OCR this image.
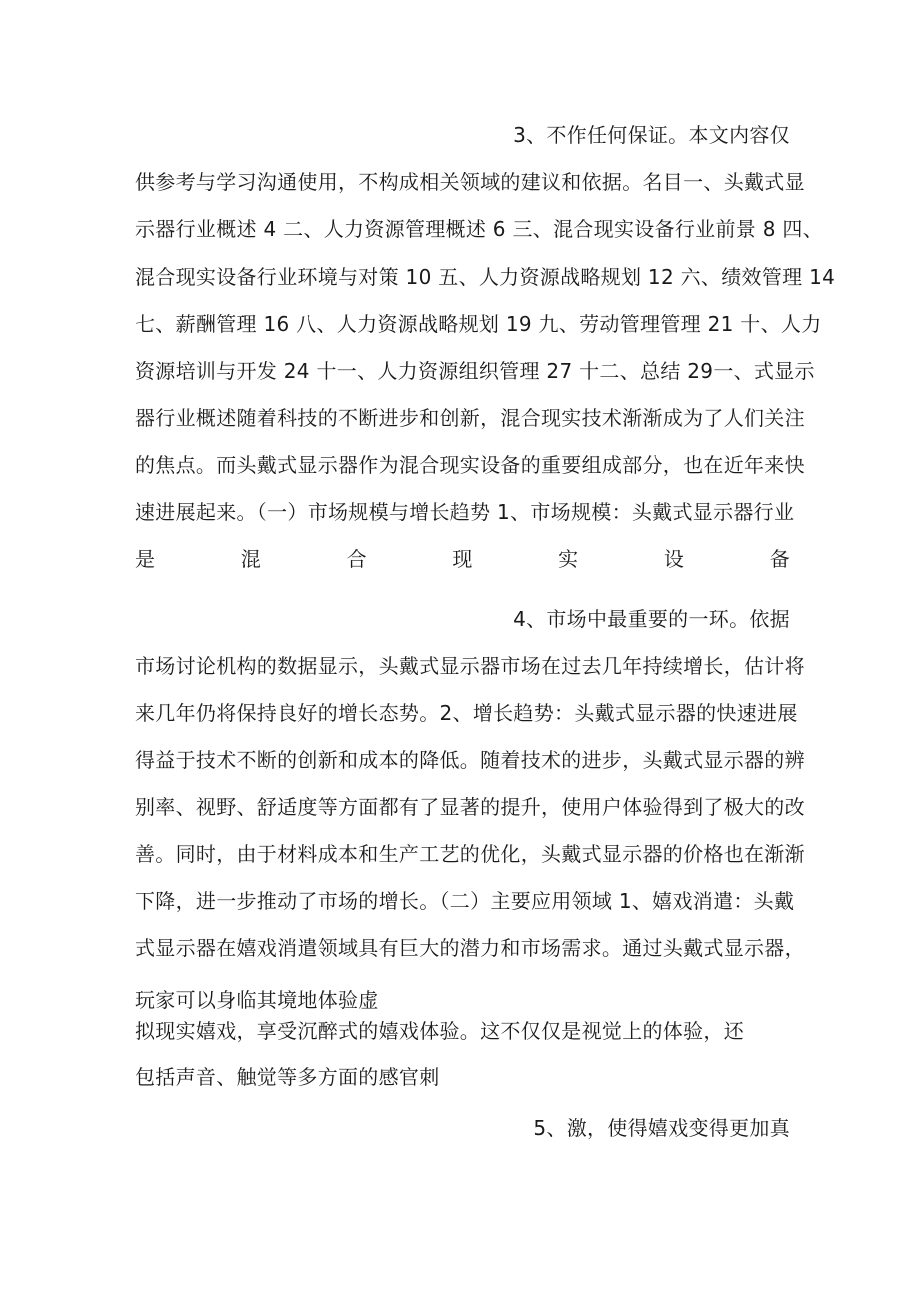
3、不作任何保证。本文内容仅
供参考与学习沟通使用，不构成相关领域的建议和依据。名目一、头戴式显
示器行业概述 4 二、人力资源管理概述 6 三、混合现实设备行业前景 8 四、
混合现实设备行业环境与对策 10 五、人力资源战略规划 12 六、绩效管理 14
七、薪酬管理 16 八、人力资源战略规划 19 九、劳动管理管理 21 十、人力
资源培训与开发 24 十一、人力资源组织管理 27 十二、总结 29一、式显示
器行业概述随着科技的不断进步和创新，混合现实技术渐渐成为了人们关注
的焦点。而头戴式显示器作为混合现实设备的重要组成部分，也在近年来快
速进展起来。（一）市场规模与增长趋势 1、市场规模：头戴式显示器行业
是混合现实设备
4、市场中最重要的一环。依据
市场讨论机构的数据显示，头戴式显示器市场在过去几年持续增长，估计将
来几年仍将保持良好的增长态势。2、增长趋势：头戴式显示器的快速进展
得益于技术不断的创新和成本的降低。随着技术的进步，头戴式显示器的辨
别率、视野、舒适度等方面都有了显著的提升，使用户体验得到了极大的改
善。同时，由于材料成本和生产工艺的优化，头戴式显示器的价格也在渐渐
下降，进一步推动了市场的增长。（二）主要应用领域 1、嬉戏消遣：头戴
式显示器在嬉戏消遣领域具有巨大的潜力和市场需求。通过头戴式显示器，
玩家可以身临其境地体验虚
拟现实嬉戏，享受沉醉式的嬉戏体验。这不仅仅是视觉上的体验，还
包括声音、触觉等多方面的感官刺
5、激，使得嬉戏变得更加真
